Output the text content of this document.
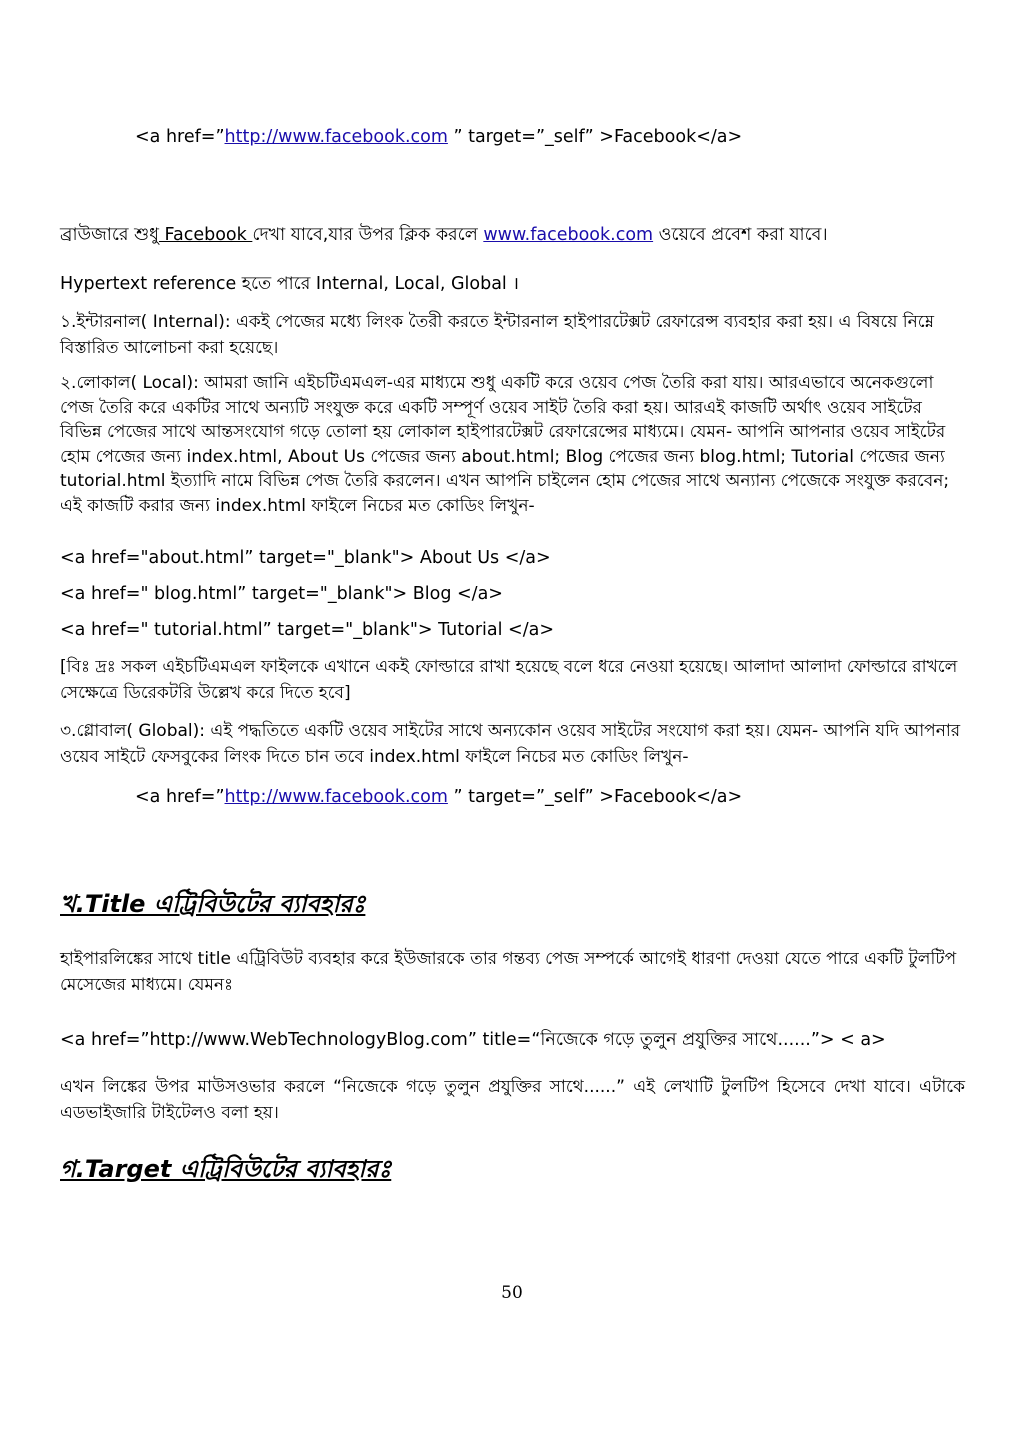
<a href=”http://www.facebook.com ” target=”_self” >Facebook</a>
ব্রাউজারে শুধু Facebook দেখা যাবে,যার উপর ক্লিক করলে www.facebook.com ওয়েবে প্রবেশ করা যাবে।
Hypertext reference হতে পারে Internal, Local, Global ।
১.ইন্টারনাল( Internal): একই পেজের মধ্যে লিংক তৈরী করতে ইন্টারনাল হাইপারটেক্সট রেফারেন্স ব্যবহার করা হয়। এ বিষয়ে নিম্নে বিস্তারিত আলোচনা করা হয়েছে।
২.লোকাল( Local): আমরা জানি এইচটিএমএল-এর মাধ্যমে শুধু একটি করে ওয়েব পেজ তৈরি করা যায়। আরএভাবে অনেকগুলো পেজ তৈরি করে একটির সাথে অন্যটি সংযুক্ত করে একটি সম্পূর্ণ ওয়েব সাইট তৈরি করা হয়। আরএই কাজটি অর্থাৎ ওয়েব সাইটের বিভিন্ন পেজের সাথে আন্তসংযোগ গড়ে তোলা হয় লোকাল হাইপারটেক্সট রেফারেন্সের মাধ্যমে। যেমন- আপনি আপনার ওয়েব সাইটের হোম পেজের জন্য index.html, About Us পেজের জন্য about.html; Blog পেজের জন্য blog.html; Tutorial পেজের জন্য tutorial.html ইত্যাদি নামে বিভিন্ন পেজ তৈরি করলেন। এখন আপনি চাইলেন হোম পেজের সাথে অন্যান্য পেজেকে সংযুক্ত করবেন; এই কাজটি করার জন্য index.html ফাইলে নিচের মত কোডিং লিখুন-
<a href="about.html” target="_blank"> About Us </a>
<a href=" blog.html” target="_blank"> Blog </a>
<a href=" tutorial.html” target="_blank"> Tutorial </a>
[বিঃ দ্রঃ সকল এইচটিএমএল ফাইলকে এখানে একই ফোল্ডারে রাখা হয়েছে বলে ধরে নেওয়া হয়েছে। আলাদা আলাদা ফোল্ডারে রাখলে সেক্ষেত্রে ডিরেকটরি উল্লেখ করে দিতে হবে]
৩.গ্লোবাল( Global): এই পদ্ধতিতে একটি ওয়েব সাইটের সাথে অন্যকোন ওয়েব সাইটের সংযোগ করা হয়। যেমন- আপনি যদি আপনার ওয়েব সাইটে ফেসবুকের লিংক দিতে চান তবে index.html ফাইলে নিচের মত কোডিং লিখুন-
<a href=”http://www.facebook.com ” target=”_self” >Facebook</a>
খ.Title এট্রিবিউটের ব্যাবহারঃ
হাইপারলিঙ্কের সাথে title এট্রিবিউট ব্যবহার করে ইউজারকে তার গন্তব্য পেজ সম্পর্কে আগেই ধারণা দেওয়া যেতে পারে একটি টুলটিপ মেসেজের মাধ্যমে। যেমনঃ
<a href=”http://www.WebTechnologyBlog.com” title=“নিজেকে গড়ে তুলুন প্রযুক্তির সাথে......”> < a>
এখন লিঙ্কের উপর মাউসওভার করলে “নিজেকে গড়ে তুলুন প্রযুক্তির সাথে......” এই লেখাটি টুলটিপ হিসেবে দেখা যাবে। এটাকে এডভাইজারি টাইটেলও বলা হয়।
গ.Target এট্রিবিউটের ব্যাবহারঃ
50
